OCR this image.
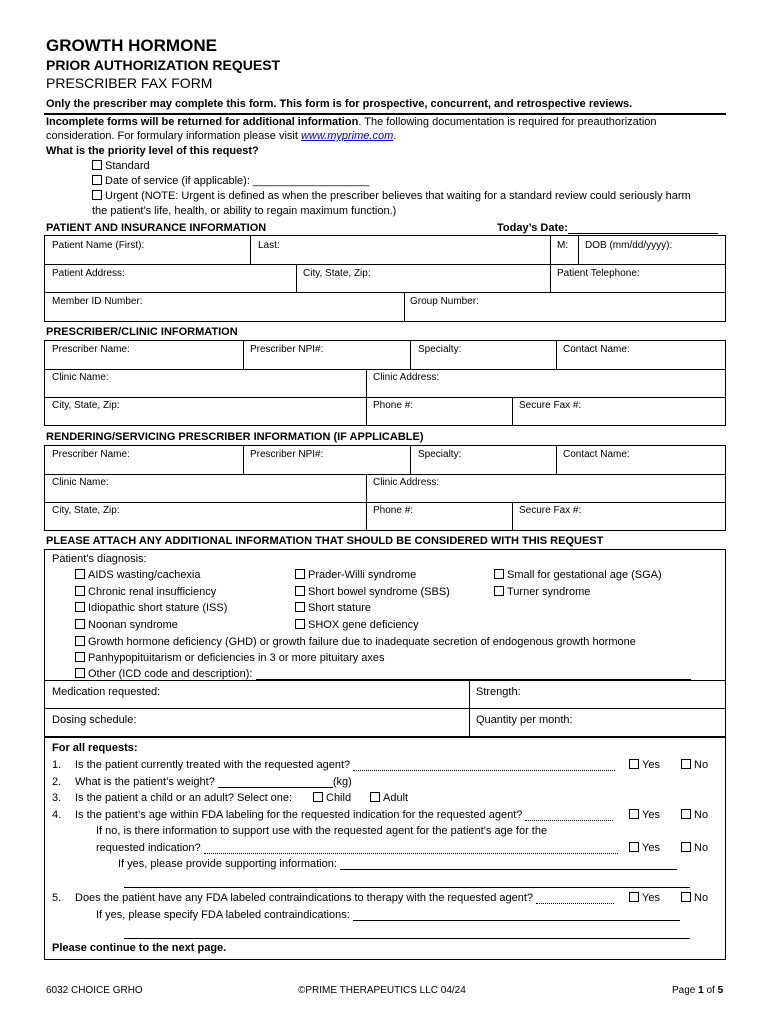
GROWTH HORMONE
PRIOR AUTHORIZATION REQUEST
PRESCRIBER FAX FORM
Only the prescriber may complete this form. This form is for prospective, concurrent, and retrospective reviews.
Incomplete forms will be returned for additional information. The following documentation is required for preauthorization
consideration. For formulary information please visit www.myprime.com.
What is the priority level of this request?
Standard
Date of service (if applicable): ___________________
Urgent (NOTE: Urgent is defined as when the prescriber believes that waiting for a standard review could seriously harm
the patient’s life, health, or ability to regain maximum function.)
PATIENT AND INSURANCE INFORMATION	Today’s Date:
Patient Name (First):	Last:	M: DOB (mm/dd/yyyy):
Patient Address:	City, State, Zip:	Patient Telephone:
Member ID Number:	Group Number:
PRESCRIBER/CLINIC INFORMATION
Prescriber Name:	Prescriber NPI#:	Specialty:	Contact Name:
Clinic Name:	Clinic Address:
City, State, Zip:	Phone #:	Secure Fax #:
RENDERING/SERVICING PRESCRIBER INFORMATION (IF APPLICABLE)
Prescriber Name:	Prescriber NPI#:	Specialty:	Contact Name:
Clinic Name:	Clinic Address:
City, State, Zip:	Phone #:	Secure Fax #:
PLEASE ATTACH ANY ADDITIONAL INFORMATION THAT SHOULD BE CONSIDERED WITH THIS REQUEST
Patient’s diagnosis:
AIDS wasting/cachexia	Prader-Willi syndrome	Small for gestational age (SGA)
Chronic renal insufficiency	Short bowel syndrome (SBS)	Turner syndrome
Idiopathic short stature (ISS)	Short stature
Noonan syndrome	SHOX gene deficiency
Growth hormone deficiency (GHD) or growth failure due to inadequate secretion of endogenous growth hormone
Panhypopituitarism or deficiencies in 3 or more pituitary axes
Other (ICD code and description):
Medication requested:	Strength:
Dosing schedule:	Quantity per month:
For all requests:
1. Is the patient currently treated with the requested agent?	Yes	No
2. What is the patient’s weight?	(kg)
3. Is the patient a child or an adult? Select one:	Child	Adult
4. Is the patient’s age within FDA labeling for the requested indication for the requested agent?	Yes	No
If no, is there information to support use with the requested agent for the patient’s age for the
requested indication?	Yes	No
If yes, please provide supporting information:
5. Does the patient have any FDA labeled contraindications to therapy with the requested agent?	Yes	No
If yes, please specify FDA labeled contraindications:
Please continue to the next page.
6032 CHOICE GRHO	©PRIME THERAPEUTICS LLC 04/24	Page 1 of 5
